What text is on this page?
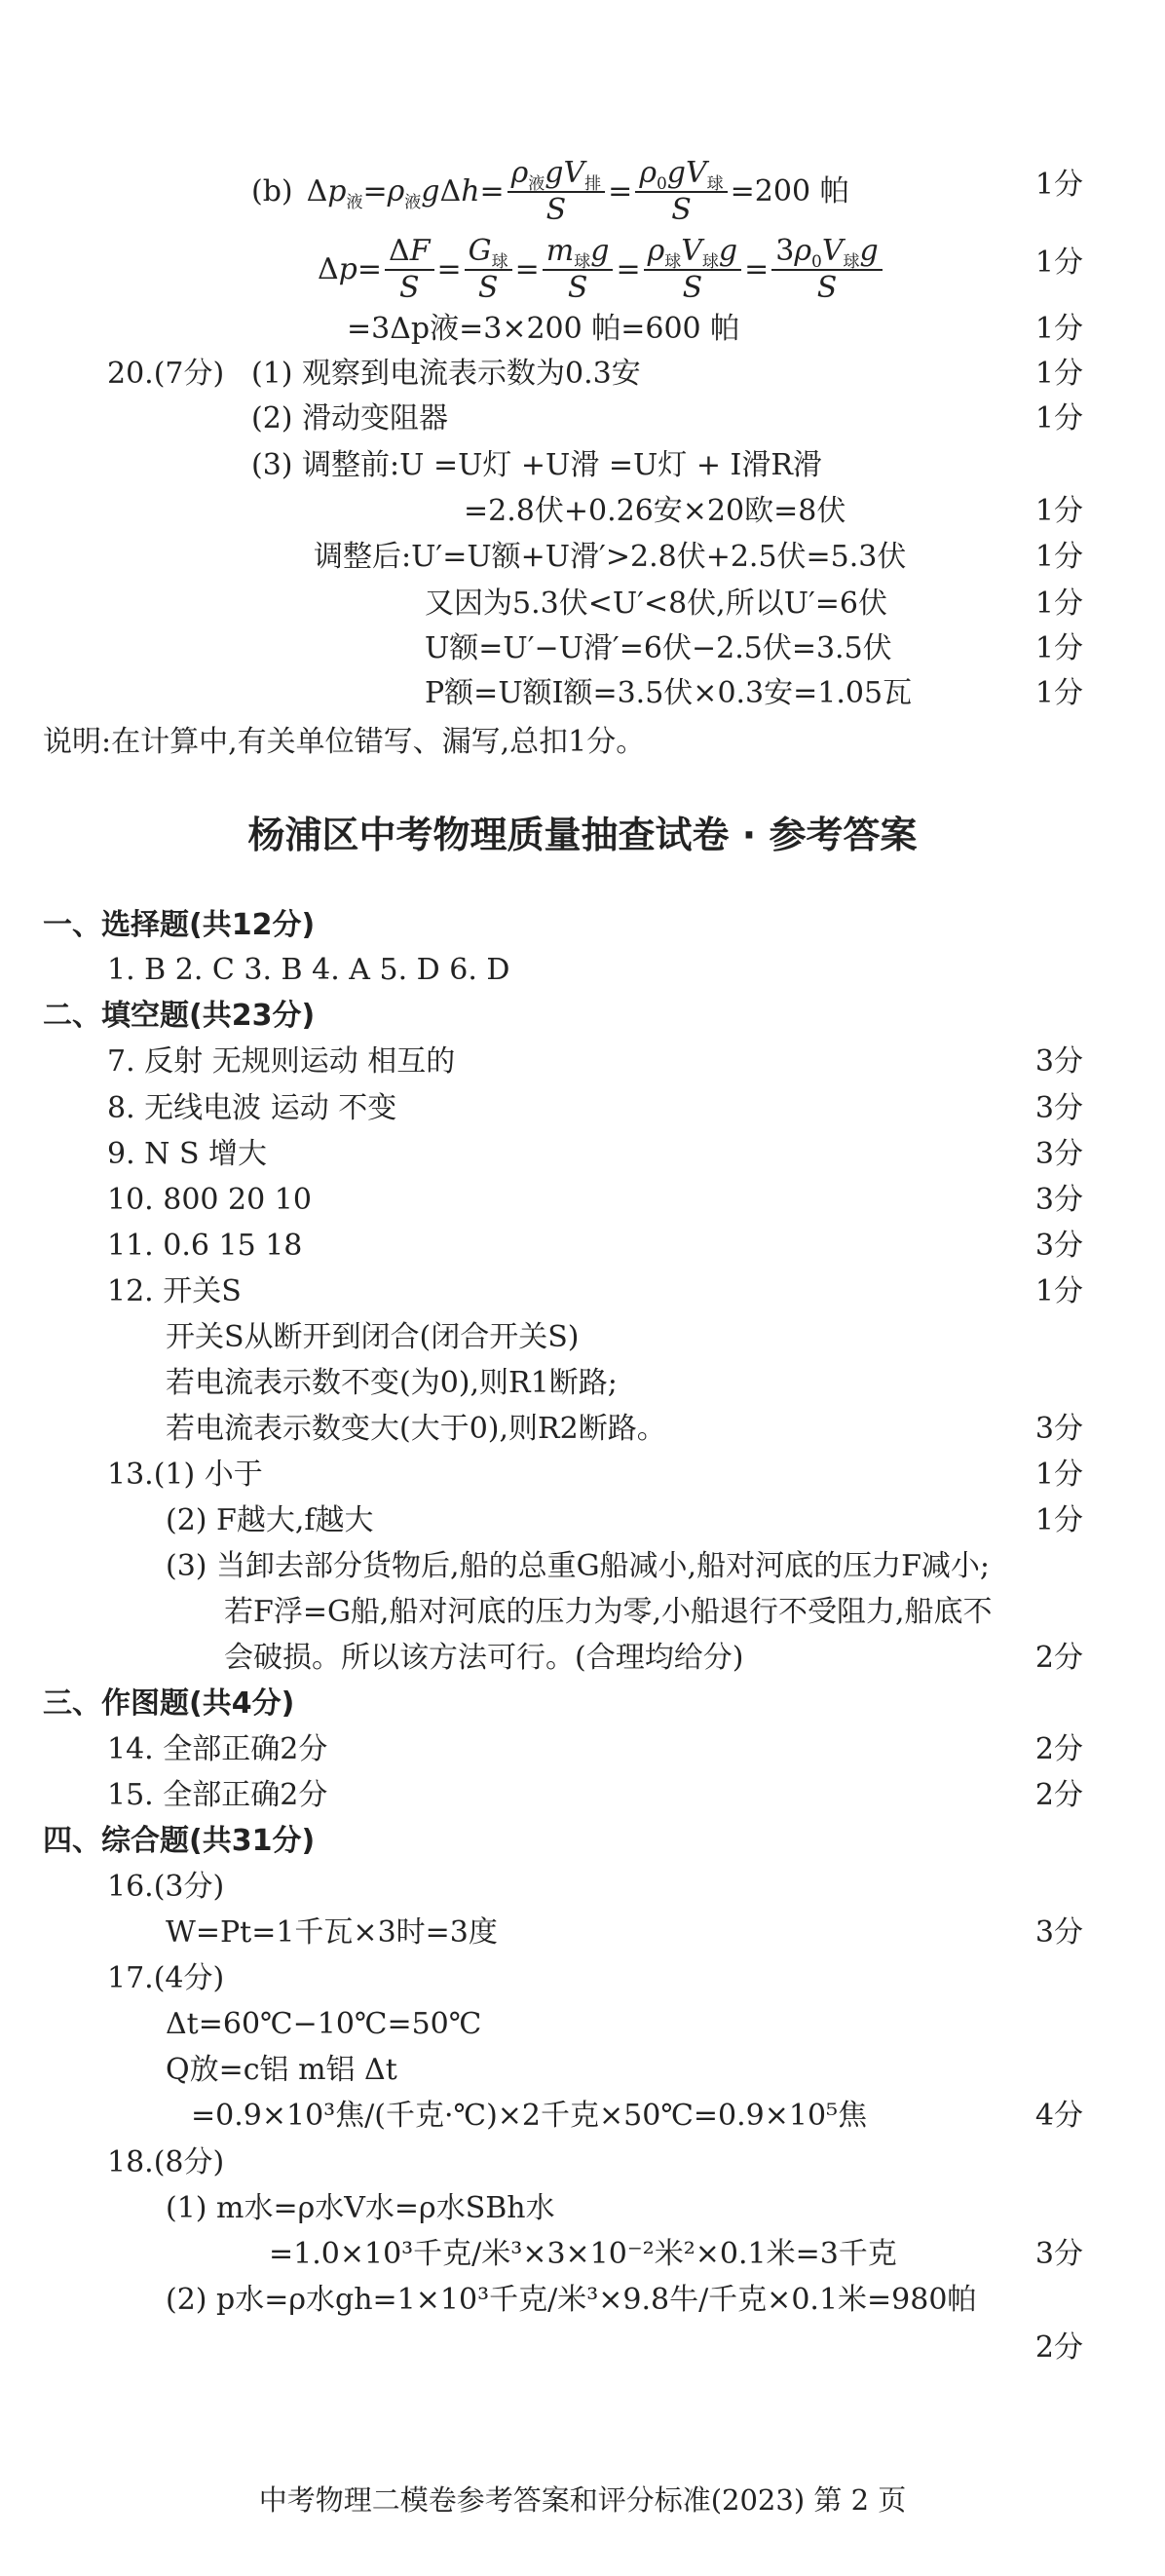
(b) $\Delta p_液=\rho_液g\Delta h= \frac{\rho_液gV_排}{S} = \frac{\rho_0gV_球}{S} =200$ 帕	1分
$\Delta p= \frac{\Delta F}{S} = \frac{G_球}{S} = \frac{m_球g}{S} = \frac{\rho_球V_球g}{S} = \frac{3\rho_0V_球g}{S}$	1分
=3Δp液=3×200 帕=600 帕	1分
20.(7分) (1) 观察到电流表示数为0.3安	1分
(2) 滑动变阻器	1分
(3) 调整前:U =U灯 +U滑 =U灯 + I滑R滑
=2.8伏+0.26安×20欧=8伏	1分
调整后:U′=U额+U滑′>2.8伏+2.5伏=5.3伏	1分
又因为5.3伏<U′<8伏,所以U′=6伏	1分
U额=U′−U滑′=6伏−2.5伏=3.5伏	1分
P额=U额I额=3.5伏×0.3安=1.05瓦	1分
说明:在计算中,有关单位错写、漏写,总扣1分。
杨浦区中考物理质量抽查试卷 · 参考答案
一、选择题(共12分)
1. B 2. C 3. B 4. A 5. D 6. D
二、填空题(共23分)
7. 反射 无规则运动 相互的	3分
8. 无线电波 运动 不变	3分
9. N S 增大	3分
10. 800 20 10	3分
11. 0.6 15 18	3分
12. 开关S	1分
开关S从断开到闭合(闭合开关S)
若电流表示数不变(为0),则R1断路;
若电流表示数变大(大于0),则R2断路。	3分
13.(1) 小于	1分
(2) F越大,f越大	1分
(3) 当卸去部分货物后,船的总重G船减小,船对河底的压力F减小;
若F浮=G船,船对河底的压力为零,小船退行不受阻力,船底不
会破损。所以该方法可行。(合理均给分)	2分
三、作图题(共4分)
14. 全部正确2分	2分
15. 全部正确2分	2分
四、综合题(共31分)
16.(3分)
W=Pt=1千瓦×3时=3度	3分
17.(4分)
Δt=60℃−10℃=50℃
Q放=c铝 m铝 Δt
=0.9×10³焦/(千克·℃)×2千克×50℃=0.9×10⁵焦	4分
18.(8分)
(1) m水=ρ水V水=ρ水SBh水
=1.0×10³千克/米³×3×10⁻²米²×0.1米=3千克	3分
(2) p水=ρ水gh=1×10³千克/米³×9.8牛/千克×0.1米=980帕
2分
中考物理二模卷参考答案和评分标准(2023) 第 2 页
